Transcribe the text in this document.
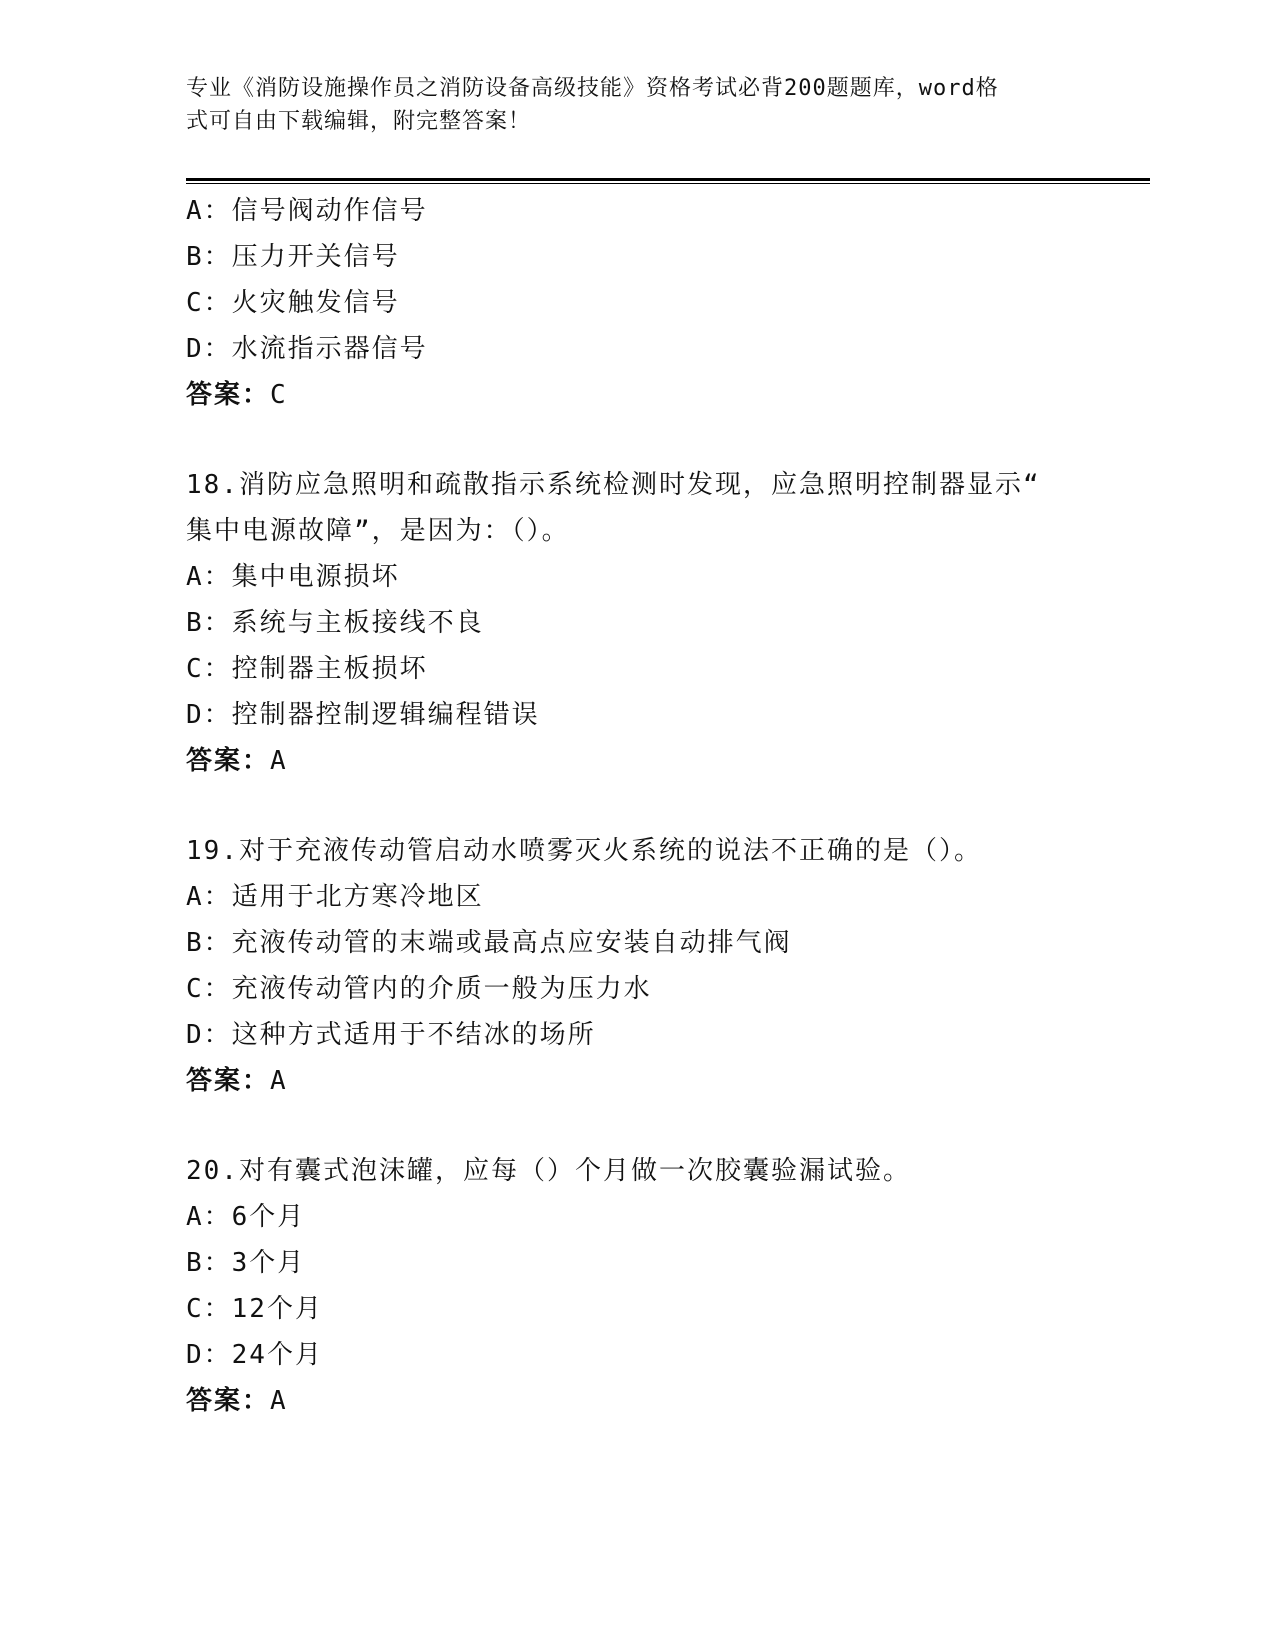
专业《消防设施操作员之消防设备高级技能》资格考试必背200题题库，word格
式可自由下载编辑，附完整答案！
A：信号阀动作信号
B：压力开关信号
C：火灾触发信号
D：水流指示器信号
答案：C
18.消防应急照明和疏散指示系统检测时发现，应急照明控制器显示“
集中电源故障”，是因为：（）。
A：集中电源损坏
B：系统与主板接线不良
C：控制器主板损坏
D：控制器控制逻辑编程错误
答案：A
19.对于充液传动管启动水喷雾灭火系统的说法不正确的是（）。
A：适用于北方寒冷地区
B：充液传动管的末端或最高点应安装自动排气阀
C：充液传动管内的介质一般为压力水
D：这种方式适用于不结冰的场所
答案：A
20.对有囊式泡沫罐，应每（）个月做一次胶囊验漏试验。
A：6个月
B：3个月
C：12个月
D：24个月
答案：A
